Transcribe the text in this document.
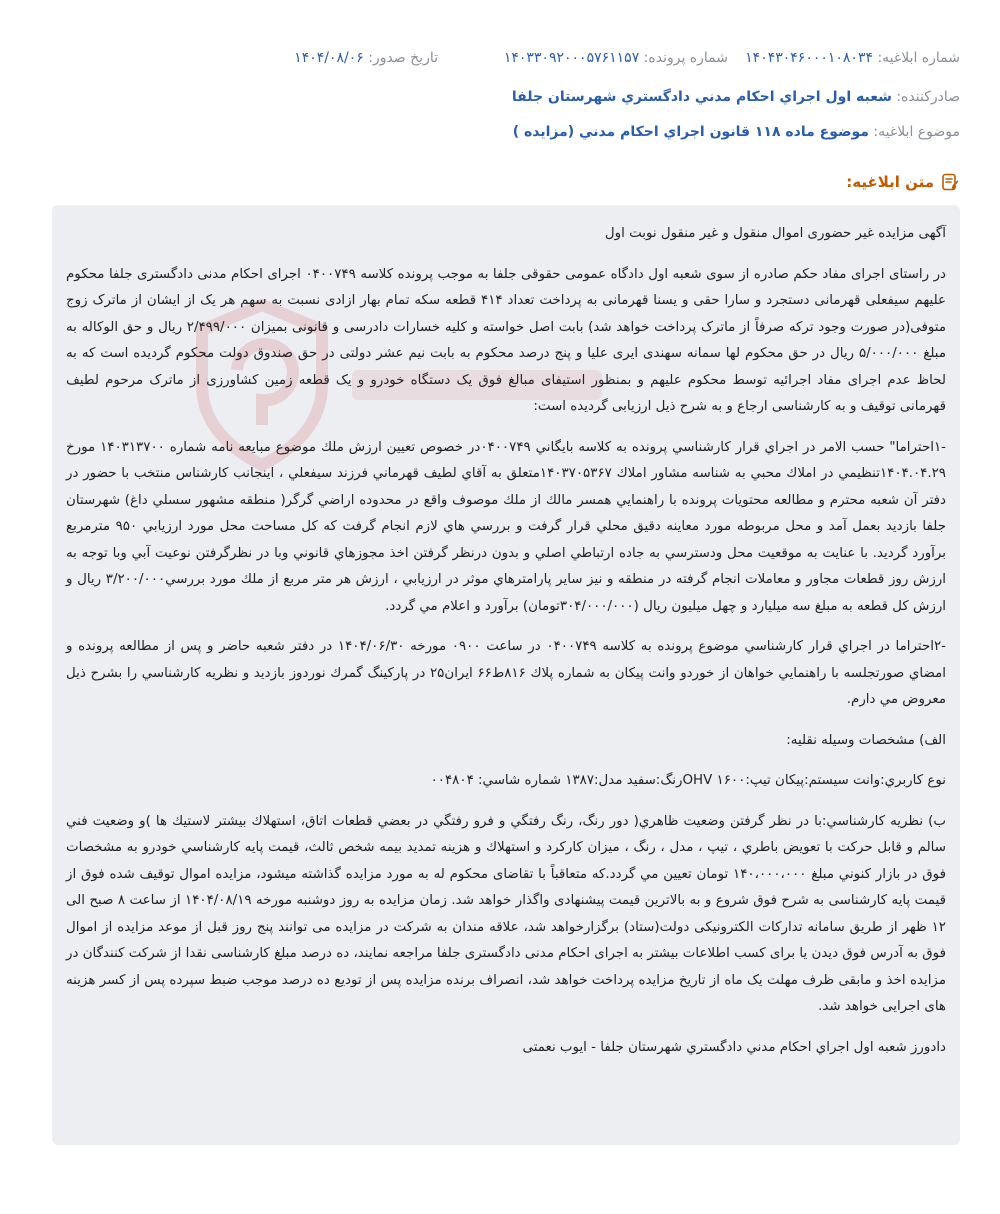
شماره ابلاغیه: ۱۴۰۴۳۰۴۶۰۰۰۱۰۸۰۳۴
شماره پرونده: ۱۴۰۳۳۰۹۲۰۰۰۵۷۶۱۱۵۷
تاریخ صدور: ۱۴۰۴/۰۸/۰۶
صادرکننده: شعبه اول اجراي احكام مدني دادگستري شهرستان جلفا
موضوع ابلاغیه: موضوع ماده ۱۱۸ قانون اجراي احكام مدني (مزايده )
متن ابلاغیه:

آگهی مزایده غیر حضوری اموال منقول و غیر منقول نوبت اول

در راستای اجرای مفاد حکم صادره از سوی شعبه اول دادگاه عمومی حقوقی جلفا به موجب پرونده کلاسه ۰۴۰۰۷۴۹ اجرای احکام مدنی دادگستری جلفا محکوم علیهم سیفعلی قهرمانی دستجرد و سارا حقی و یسنا قهرمانی به پرداخت تعداد ۴۱۴ قطعه سکه تمام بهار ازادی نسبت به سهم هر یک از ایشان از ماترک زوج متوفی(در صورت وجود ترکه صرفاً از ماترک پرداخت خواهد شد) بابت اصل خواسته و کلیه خسارات دادرسی و قانونی بمیزان ۲/۴۹۹/۰۰۰ ریال و حق الوکاله به مبلغ ۵/۰۰۰/۰۰۰ ریال در حق محکوم لها سمانه سهندی ایری علیا و پنج درصد محکوم به بابت نیم عشر دولتی در حق صندوق دولت محکوم گردیده است که به لحاظ عدم اجرای مفاد اجرائیه توسط محکوم علیهم و بمنظور استیفای مبالغ فوق یک دستگاه خودرو و یک قطعه زمین کشاورزی از ماترک مرحوم لطیف قهرمانی توقیف و به کارشناسی ارجاع و به شرح ذیل ارزیابی گردیده است:

-۱احتراما" حسب الامر در اجراي قرار كارشناسي پرونده به كلاسه بايگاني ۰۴۰۰۷۴۹در خصوص تعيين ارزش ملك موضوع مبايعه نامه شماره ۱۴۰۳۱۳۷۰۰ مورخ ۱۴۰۴.۰۴.۲۹تنظيمي در املاك محبي به شناسه مشاور املاك ۱۴۰۳۷۰۵۳۶۷متعلق به آقاي لطيف قهرماني فرزند سيفعلي ، اينجانب كارشناس منتخب با حضور در دفتر آن شعبه محترم و مطالعه محتويات پرونده با راهنمايي همسر مالك از ملك موصوف واقع در محدوده اراضي گرگر( منطقه مشهور سسلي داغ) شهرستان جلفا بازديد بعمل آمد و محل مربوطه مورد معاينه دقيق محلي قرار گرفت و بررسي هاي لازم انجام گرفت كه كل مساحت محل مورد ارزيابي ۹۵۰ مترمربع برآورد گرديد. با عنايت به موقعيت محل ودسترسي به جاده ارتباطي اصلي و بدون درنظر گرفتن اخذ مجوزهاي قانوني وبا در نظرگرفتن نوعيت آبي وبا توجه به ارزش روز قطعات مجاور و معاملات انجام گرفته در منطقه و نيز ساير پارامترهاي موثر در ارزيابي ، ارزش هر متر مربع از ملك مورد بررسي۳/۲۰۰/۰۰۰ ريال و ارزش كل قطعه به مبلغ سه ميليارد و چهل ميليون ريال (۳۰۴/۰۰۰/۰۰۰تومان) برآورد و اعلام مي گردد.

-۲احتراما در اجراي قرار كارشناسي موضوع پرونده به كلاسه ۰۴۰۰۷۴۹ در ساعت ۰۹۰۰ مورخه ۱۴۰۴/۰۶/۳۰ در دفتر شعبه حاضر و پس از مطالعه پرونده و امضاي صورتجلسه با راهنمايي خواهان از خوردو وانت پيكان به شماره پلاك ۸۱۶ط۶۶ ايران۲۵ در پاركينگ گمرك نوردوز بازديد و نظريه كارشناسي را بشرح ذيل معروض مي دارم.

الف) مشخصات وسيله نقليه:

نوع كاربري:وانت سيستم:پيكان تيپ:۱۶۰۰ OHVرنگ:سفيد مدل:۱۳۸۷ شماره شاسي: ۰۰۴۸۰۴

ب) نظريه كارشناسي:با در نظر گرفتن وضعيت ظاهري( دور رنگ، رنگ رفتگي و فرو رفتگي در بعضي قطعات اتاق، استهلاك بيشتر لاستيك ها )و وضعيت فني سالم و قابل حركت با تعويض باطري ، تيپ ، مدل ، رنگ ، ميزان كاركرد و استهلاك و هزينه تمديد بيمه شخص ثالث، قيمت پايه كارشناسي خودرو به مشخصات فوق در بازار كنوني مبلغ ۱۴۰،۰۰۰،۰۰۰ تومان تعيين مي گردد.که متعاقباً با تقاضای محکوم له به مورد مزایده گذاشته میشود، مزایده اموال توقیف شده فوق از قیمت پایه کارشناسی به شرح فوق شروع و به بالاترین قیمت پیشنهادی واگذار خواهد شد. زمان مزایده به روز دوشنبه مورخه ۱۴۰۴/۰۸/۱۹ از ساعت ۸ صبح الی ۱۲ ظهر از طریق سامانه تدارکات الکترونیکی دولت(ستاد) برگزارخواهد شد، علاقه مندان به شرکت در مزایده می توانند پنج روز قبل از موعد مزایده از اموال فوق به آدرس فوق دیدن یا برای کسب اطلاعات بیشتر به اجرای احکام مدنی دادگستری جلفا مراجعه نمایند، ده درصد مبلغ کارشناسی نقدا از شرکت کنندگان در مزایده اخذ و مابقی ظرف مهلت یک ماه از تاریخ مزایده پرداخت خواهد شد، انصراف برنده مزایده پس از تودیع ده درصد موجب ضبط سپرده پس از کسر هزینه های اجرایی خواهد شد.

دادورز شعبه اول اجراي احكام مدني دادگستري شهرستان جلفا - ایوب نعمتی
